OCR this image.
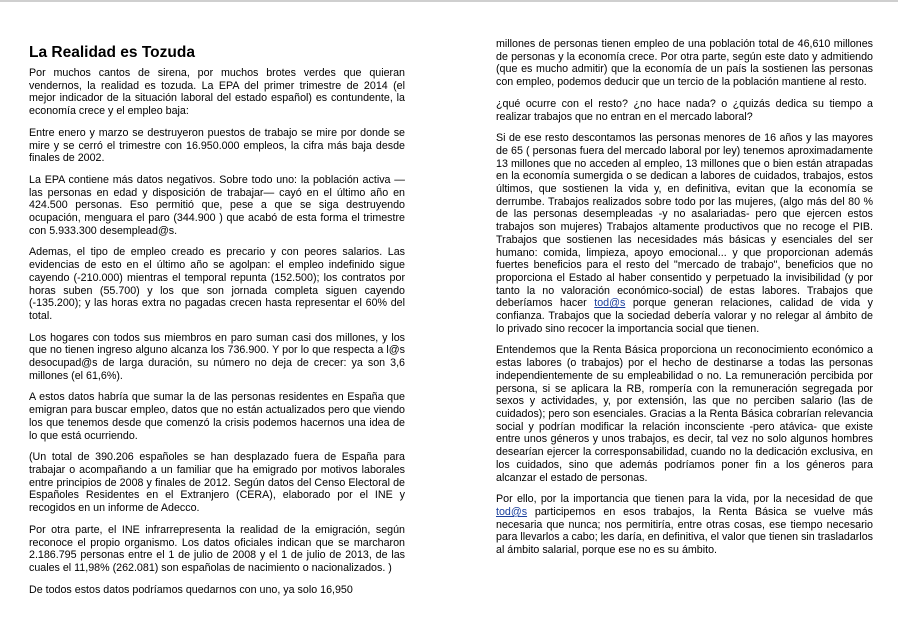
La Realidad es Tozuda

Por muchos cantos de sirena, por muchos brotes verdes que quieran vendernos, la realidad es tozuda. La EPA del primer trimestre de 2014 (el mejor indicador de la situación laboral del estado español) es contundente, la economía crece y el empleo baja:

Entre enero y marzo se destruyeron puestos de trabajo se mire por donde se mire y se cerró el trimestre con 16.950.000 empleos, la cifra más baja desde finales de 2002.

La EPA contiene más datos negativos. Sobre todo uno: la población activa —las personas en edad y disposición de trabajar— cayó en el último año en 424.500 personas. Eso permitió que, pese a que se siga destruyendo ocupación, menguara el paro (344.900 ) que acabó de esta forma el trimestre con 5.933.300 desemplead@s.

Ademas, el tipo de empleo creado es precario y con peores salarios. Las evidencias de esto en el último año se agolpan: el empleo indefinido sigue cayendo (-210.000) mientras el temporal repunta (152.500); los contratos por horas suben (55.700) y los que son jornada completa siguen cayendo (-135.200); y las horas extra no pagadas crecen hasta representar el 60% del total.

Los hogares con todos sus miembros en paro suman casi dos millones, y los que no tienen ingreso alguno alcanza los 736.900. Y por lo que respecta a l@s desocupad@s de larga duración, su número no deja de crecer: ya son 3,6 millones (el 61,6%).

A estos datos habría que sumar la de las personas residentes en España que emigran para buscar empleo, datos que no están actualizados pero que viendo los que tenemos desde que comenzó la crisis podemos hacernos una idea de lo que está ocurriendo.

(Un total de 390.206 españoles se han desplazado fuera de España para trabajar o acompañando a un familiar que ha emigrado por motivos laborales entre principios de 2008 y finales de 2012. Según datos del Censo Electoral de Españoles Residentes en el Extranjero (CERA), elaborado por el INE y recogidos en un informe de Adecco.

Por otra parte, el INE infrarrepresenta la realidad de la emigración, según reconoce el propio organismo. Los datos oficiales indican que se marcharon 2.186.795 personas entre el 1 de julio de 2008 y el 1 de julio de 2013, de las cuales el 11,98% (262.081) son españolas de nacimiento o nacionalizados. )

De todos estos datos podríamos quedarnos con uno, ya solo 16,950

millones de personas tienen empleo de una población total de 46,610 millones de personas y la economía crece. Por otra parte, según este dato y admitiendo (que es mucho admitir) que la economía de un país la sostienen las personas con empleo, podemos deducir que un tercio de la población mantiene al resto.

¿qué ocurre con el resto? ¿no hace nada? o ¿quizás dedica su tiempo a realizar trabajos que no entran en el mercado laboral?

Si de ese resto descontamos las personas menores de 16 años y las mayores de 65 ( personas fuera del mercado laboral por ley) tenemos aproximadamente 13 millones que no acceden al empleo, 13 millones que o bien están atrapadas en la economía sumergida o se dedican a labores de cuidados, trabajos, estos últimos, que sostienen la vida y, en definitiva, evitan que la economía se derrumbe. Trabajos realizados sobre todo por las mujeres, (algo más del 80 % de las personas desempleadas -y no asalariadas- pero que ejercen estos trabajos son mujeres) Trabajos altamente productivos que no recoge el PIB. Trabajos que sostienen las necesidades más básicas y esenciales del ser humano: comida, limpieza, apoyo emocional... y que proporcionan además fuertes beneficios para el resto del "mercado de trabajo", beneficios que no proporciona el Estado al haber consentido y perpetuado la invisibilidad (y por tanto la no valoración económico-social) de estas labores. Trabajos que deberíamos hacer tod@s porque generan relaciones, calidad de vida y confianza. Trabajos que la sociedad debería valorar y no relegar al ámbito de lo privado sino recocer la importancia social que tienen.

Entendemos que la Renta Básica proporciona un reconocimiento económico a estas labores (o trabajos) por el hecho de destinarse a todas las personas independientemente de su empleabilidad o no. La remuneración percibida por persona, si se aplicara la RB, rompería con la remuneración segregada por sexos y actividades, y, por extensión, las que no perciben salario (las de cuidados); pero son esenciales. Gracias a la Renta Básica cobrarían relevancia social y podrían modificar la relación inconsciente -pero atávica- que existe entre unos géneros y unos trabajos, es decir, tal vez no solo algunos hombres desearían ejercer la corresponsabilidad, cuando no la dedicación exclusiva, en los cuidados, sino que además podríamos poner fin a los géneros para alcanzar el estado de personas.

Por ello, por la importancia que tienen para la vida, por la necesidad de que tod@s participemos en esos trabajos, la Renta Básica se vuelve más necesaria que nunca; nos permitiría, entre otras cosas, ese tiempo necesario para llevarlos a cabo; les daría, en definitiva, el valor que tienen sin trasladarlos al ámbito salarial, porque ese no es su ámbito.
